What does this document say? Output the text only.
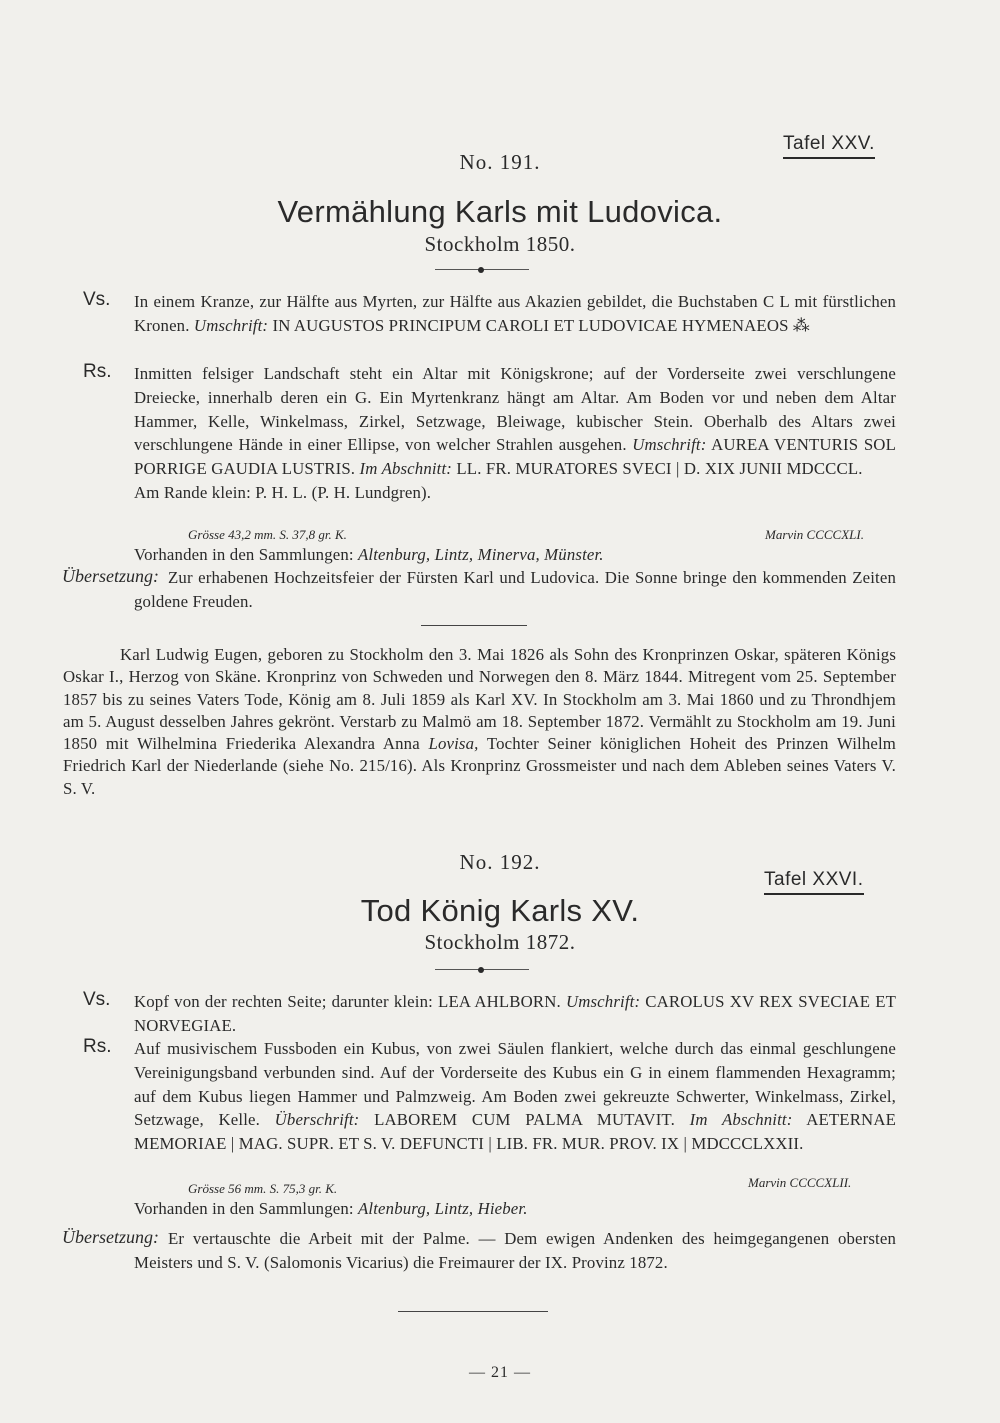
Tafel XXV.
No. 191.
Vermählung Karls mit Ludovica.
Stockholm 1850.
Vs. In einem Kranze, zur Hälfte aus Myrten, zur Hälfte aus Akazien gebildet, die Buchstaben C L mit fürstlichen Kronen. Umschrift: IN AUGUSTOS PRINCIPUM CAROLI ET LUDOVICAE HYMENAEOS ⁂

Rs. Inmitten felsiger Landschaft steht ein Altar mit Königskrone; auf der Vorderseite zwei verschlungene Dreiecke, innerhalb deren ein G. Ein Myrtenkranz hängt am Altar. Am Boden vor und neben dem Altar Hammer, Kelle, Winkelmass, Zirkel, Setzwage, Bleiwage, kubischer Stein. Oberhalb des Altars zwei verschlungene Hände in einer Ellipse, von welcher Strahlen ausgehen. Umschrift: AUREA VENTURIS SOL PORRIGE GAUDIA LUSTRIS. Im Abschnitt: LL. FR. MURATORES SVECI | D. XIX JUNII MDCCCL.

Am Rande klein: P. H. L. (P. H. Lundgren).

Grösse 43,2 mm. S. 37,8 gr. K.	Marvin CCCCXLI.

Vorhanden in den Sammlungen: Altenburg, Lintz, Minerva, Münster.

Übersetzung: Zur erhabenen Hochzeitsfeier der Fürsten Karl und Ludovica. Die Sonne bringe den kommenden Zeiten goldene Freuden.

Karl Ludwig Eugen, geboren zu Stockholm den 3. Mai 1826 als Sohn des Kronprinzen Oskar, späteren Königs Oskar I., Herzog von Skäne. Kronprinz von Schweden und Norwegen den 8. März 1844. Mitregent vom 25. September 1857 bis zu seines Vaters Tode, König am 8. Juli 1859 als Karl XV. In Stockholm am 3. Mai 1860 und zu Throndhjem am 5. August desselben Jahres gekrönt. Verstarb zu Malmö am 18. September 1872. Vermählt zu Stockholm am 19. Juni 1850 mit Wilhelmina Friederika Alexandra Anna Lovisa, Tochter Seiner königlichen Hoheit des Prinzen Wilhelm Friedrich Karl der Niederlande (siehe No. 215/16). Als Kronprinz Grossmeister und nach dem Ableben seines Vaters V. S. V.

No. 192.
Tafel XXVI.
Tod König Karls XV.
Stockholm 1872.
Vs. Kopf von der rechten Seite; darunter klein: LEA AHLBORN. Umschrift: CAROLUS XV REX SVECIAE ET NORVEGIAE.

Rs. Auf musivischem Fussboden ein Kubus, von zwei Säulen flankiert, welche durch das einmal geschlungene Vereinigungsband verbunden sind. Auf der Vorderseite des Kubus ein G in einem flammenden Hexagramm; auf dem Kubus liegen Hammer und Palmzweig. Am Boden zwei gekreuzte Schwerter, Winkelmass, Zirkel, Setzwage, Kelle. Überschrift: LABOREM CUM PALMA MUTAVIT. Im Abschnitt: AETERNAE MEMORIAE | MAG. SUPR. ET S. V. DEFUNCTI | LIB. FR. MUR. PROV. IX | MDCCCLXXII.

Grösse 56 mm. S. 75,3 gr. K.	Marvin CCCCXLII.

Vorhanden in den Sammlungen: Altenburg, Lintz, Hieber.

Übersetzung: Er vertauschte die Arbeit mit der Palme. — Dem ewigen Andenken des heimgegangenen obersten Meisters und S. V. (Salomonis Vicarius) die Freimaurer der IX. Provinz 1872.

— 21 —
